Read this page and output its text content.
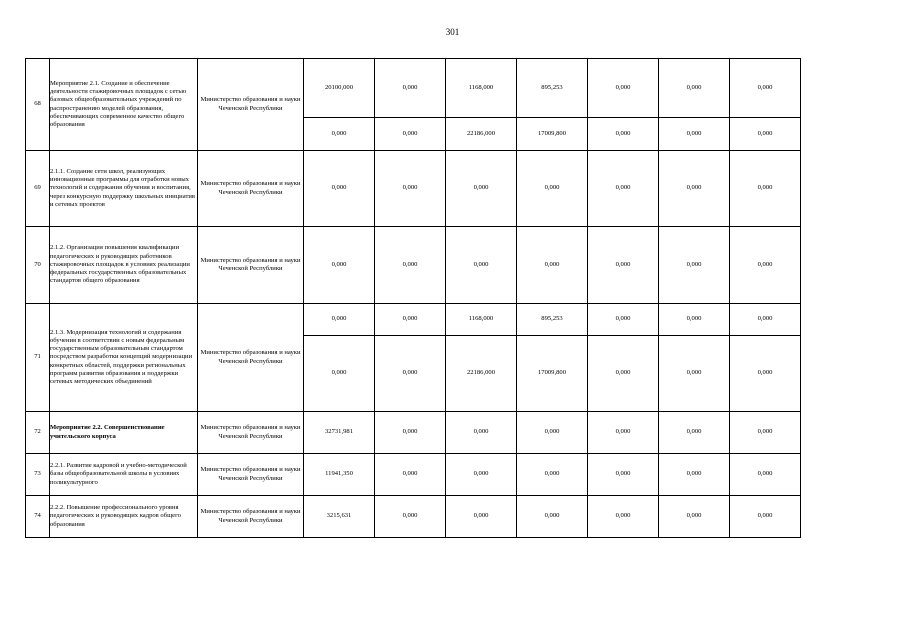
301
68	Мероприятие 2.1. Создание и обеспечение деятельности стажировочных площадок с сетью базовых общеобразовательных учреждений по распространению моделей образования, обеспечивающих современное качество общего образования	Министерство образования и науки Чеченской Республики	20100,000	0,000	1168,000	895,253	0,000	0,000	0,000
			0,000	0,000	22186,000	17009,800	0,000	0,000	0,000
69	2.1.1. Создание сети школ, реализующих инновационные программы для отработки новых технологий и содержания обучения и воспитания, через конкурсную поддержку школьных инициатив и сетевых проектов	Министерство образования и науки Чеченской Республики	0,000	0,000	0,000	0,000	0,000	0,000	0,000
70	2.1.2. Организация повышения квалификации педагогических и руководящих работников стажировочных площадок в условиях реализации федеральных государственных образовательных стандартов общего образования	Министерство образования и науки Чеченской Республики	0,000	0,000	0,000	0,000	0,000	0,000	0,000
71	2.1.3. Модернизация технологий и содержания обучения в соответствии с новым федеральным государственным образовательным стандартом посредством разработки концепций модернизации конкретных областей, поддержки региональных программ развития образования и поддержки сетевых методических объединений	Министерство образования и науки Чеченской Республики	0,000	0,000	1168,000	895,253	0,000	0,000	0,000
			0,000	0,000	22186,000	17009,800	0,000	0,000	0,000
72	Мероприятие 2.2. Совершенствование учительского корпуса	Министерство образования и науки Чеченской Республики	32731,981	0,000	0,000	0,000	0,000	0,000	0,000
73	2.2.1. Развитие кадровой и учебно-методической базы общеобразовательной школы в условиях поликультурного	Министерство образования и науки Чеченской Республики	11941,350	0,000	0,000	0,000	0,000	0,000	0,000
74	2.2.2. Повышение профессионального уровня педагогических и руководящих кадров общего образования	Министерство образования и науки Чеченской Республики	3215,631	0,000	0,000	0,000	0,000	0,000	0,000
